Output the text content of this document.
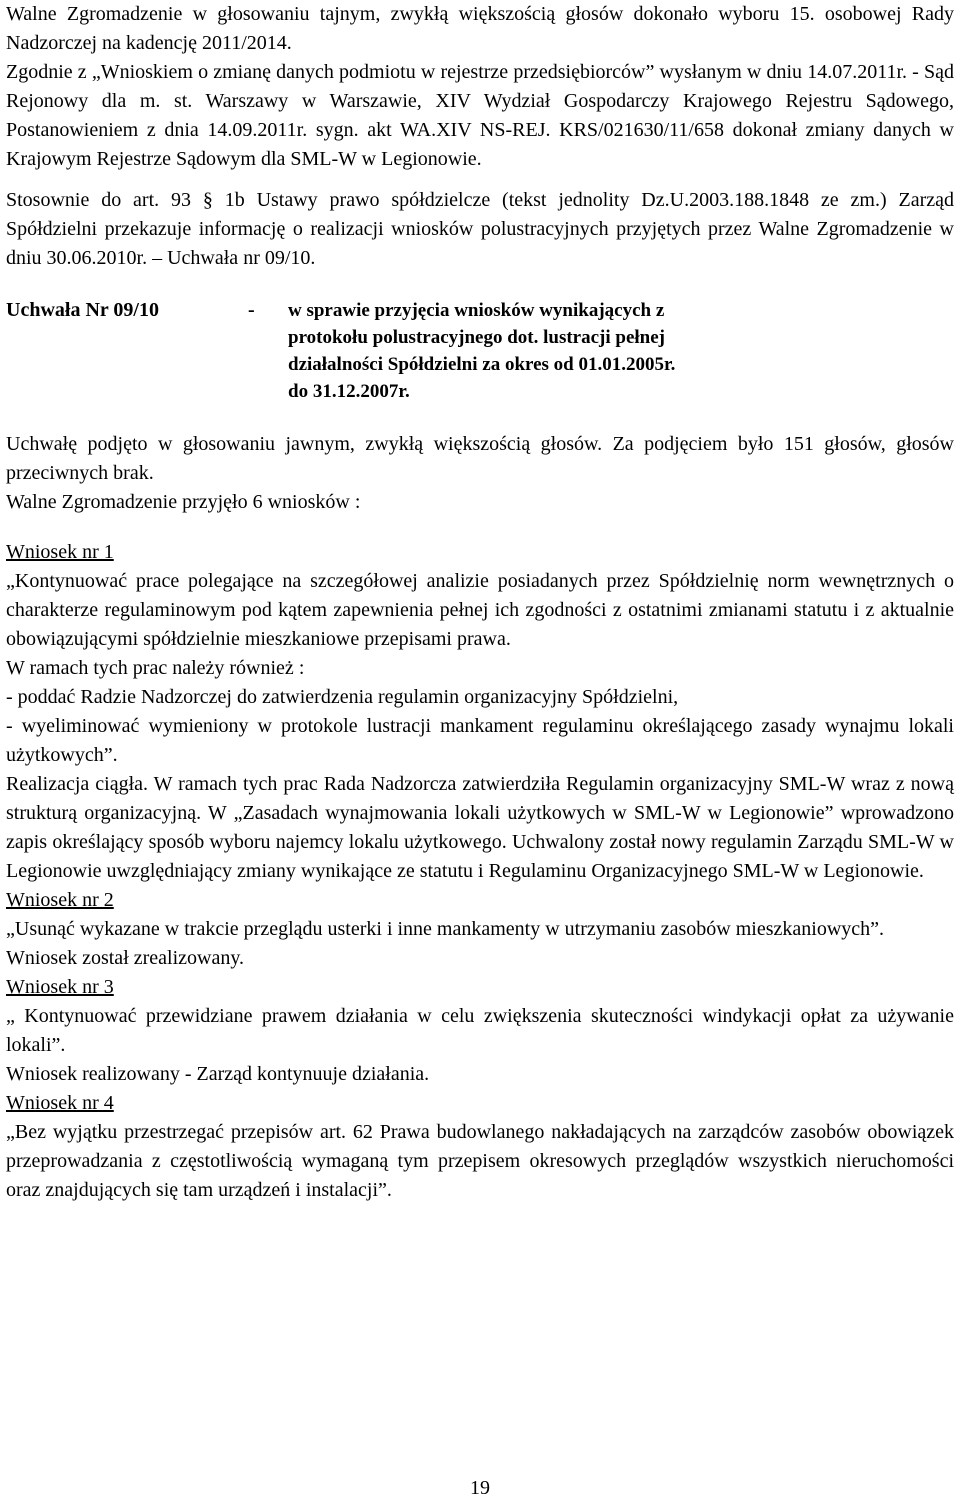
Walne Zgromadzenie w głosowaniu tajnym, zwykłą większością głosów dokonało wyboru 15. osobowej Rady Nadzorczej na kadencję 2011/2014.

Zgodnie z „Wnioskiem o zmianę danych podmiotu w rejestrze przedsiębiorców” wysłanym w dniu 14.07.2011r. - Sąd Rejonowy dla m. st. Warszawy w Warszawie, XIV Wydział Gospodarczy Krajowego Rejestru Sądowego, Postanowieniem z dnia 14.09.2011r. sygn. akt WA.XIV NS-REJ. KRS/021630/11/658 dokonał zmiany danych w Krajowym Rejestrze Sądowym dla SML-W w Legionowie.

Stosownie do art. 93 § 1b Ustawy prawo spółdzielcze (tekst jednolity Dz.U.2003.188.1848 ze zm.) Zarząd Spółdzielni przekazuje informację o realizacji wniosków polustracyjnych przyjętych przez Walne Zgromadzenie w dniu 30.06.2010r. – Uchwała nr 09/10.

Uchwała Nr 09/10	-	w sprawie przyjęcia wniosków wynikających z
protokołu polustracyjnego dot. lustracji pełnej
działalności Spółdzielni za okres od 01.01.2005r.
do 31.12.2007r.

Uchwałę podjęto w głosowaniu jawnym, zwykłą większością głosów. Za podjęciem było 151 głosów, głosów przeciwnych brak.

Walne Zgromadzenie przyjęło 6 wniosków :

Wniosek nr 1

„Kontynuować prace polegające na szczegółowej analizie posiadanych przez Spółdzielnię norm wewnętrznych o charakterze regulaminowym pod kątem zapewnienia pełnej ich zgodności z ostatnimi zmianami statutu i z aktualnie obowiązującymi spółdzielnie mieszkaniowe przepisami prawa.

W ramach tych prac należy również :

- poddać Radzie Nadzorczej do zatwierdzenia regulamin organizacyjny Spółdzielni,

- wyeliminować wymieniony w protokole lustracji mankament regulaminu określającego zasady wynajmu lokali użytkowych”.

Realizacja ciągła. W ramach tych prac Rada Nadzorcza zatwierdziła Regulamin organizacyjny SML-W wraz z nową strukturą organizacyjną. W „Zasadach wynajmowania lokali użytkowych w SML-W w Legionowie” wprowadzono zapis określający sposób wyboru najemcy lokalu użytkowego. Uchwalony został nowy regulamin Zarządu SML-W w Legionowie uwzględniający zmiany wynikające ze statutu i Regulaminu Organizacyjnego SML-W w Legionowie.

Wniosek nr 2

„Usunąć wykazane w trakcie przeglądu usterki i inne mankamenty w utrzymaniu zasobów mieszkaniowych”.

Wniosek został zrealizowany.

Wniosek nr 3

„ Kontynuować przewidziane prawem działania w celu zwiększenia skuteczności windykacji opłat za używanie lokali”.

Wniosek realizowany - Zarząd kontynuuje działania.

Wniosek nr 4

„Bez wyjątku przestrzegać przepisów art. 62 Prawa budowlanego nakładających na zarządców zasobów obowiązek przeprowadzania z częstotliwością wymaganą tym przepisem okresowych przeglądów wszystkich nieruchomości oraz znajdujących się tam urządzeń i instalacji”.

19
